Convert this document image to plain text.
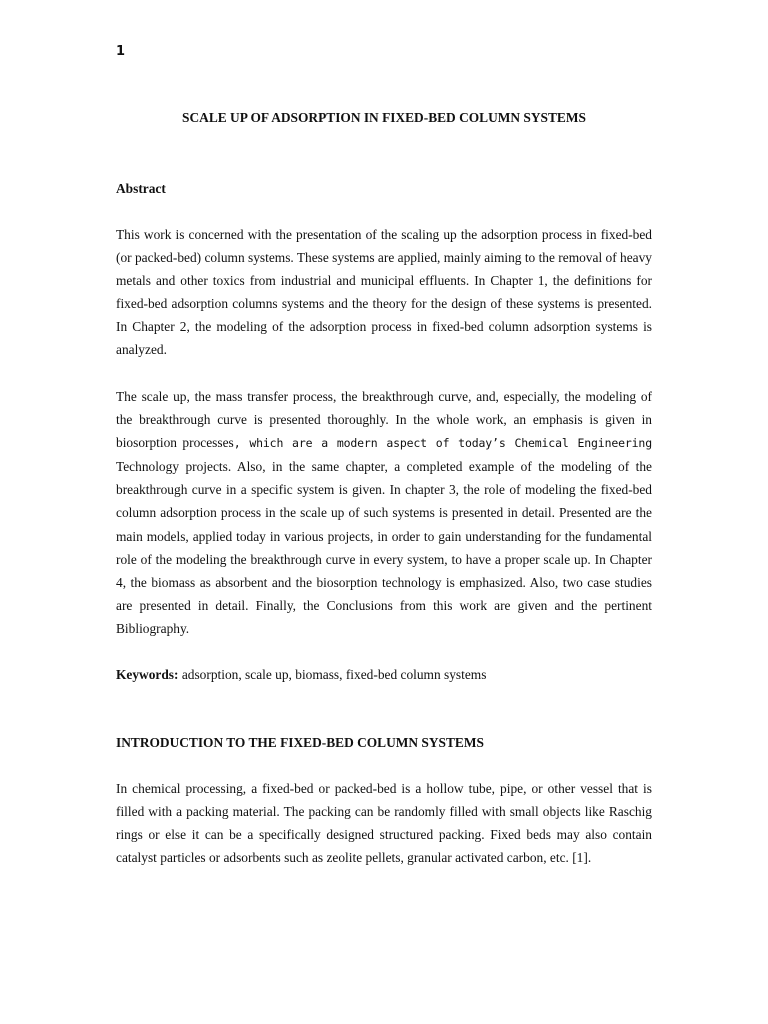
1
SCALE UP OF ADSORPTION IN FIXED-BED COLUMN SYSTEMS
Abstract

This work is concerned with the presentation of the scaling up the adsorption process in fixed-bed (or packed-bed) column systems. These systems are applied, mainly aiming to the removal of heavy metals and other toxics from industrial and municipal effluents. In Chapter 1, the definitions for fixed-bed adsorption columns systems and the theory for the design of these systems is presented. In Chapter 2, the modeling of the adsorption process in fixed-bed column adsorption systems is analyzed.

The scale up, the mass transfer process, the breakthrough curve, and, especially, the modeling of the breakthrough curve is presented thoroughly. In the whole work, an emphasis is given in biosorption processes, which are a modern aspect of today’s Chemical Engineering Technology projects. Also, in the same chapter, a completed example of the modeling of the breakthrough curve in a specific system is given. In chapter 3, the role of modeling the fixed-bed column adsorption process in the scale up of such systems is presented in detail. Presented are the main models, applied today in various projects, in order to gain understanding for the fundamental role of the modeling the breakthrough curve in every system, to have a proper scale up. In Chapter 4, the biomass as absorbent and the biosorption technology is emphasized. Also, two case studies are presented in detail. Finally, the Conclusions from this work are given and the pertinent Bibliography.

Keywords: adsorption, scale up, biomass, fixed-bed column systems

INTRODUCTION TO THE FIXED-BED COLUMN SYSTEMS

In chemical processing, a fixed-bed or packed-bed is a hollow tube, pipe, or other vessel that is filled with a packing material. The packing can be randomly filled with small objects like Raschig rings or else it can be a specifically designed structured packing. Fixed beds may also contain catalyst particles or adsorbents such as zeolite pellets, granular activated carbon, etc. [1].
